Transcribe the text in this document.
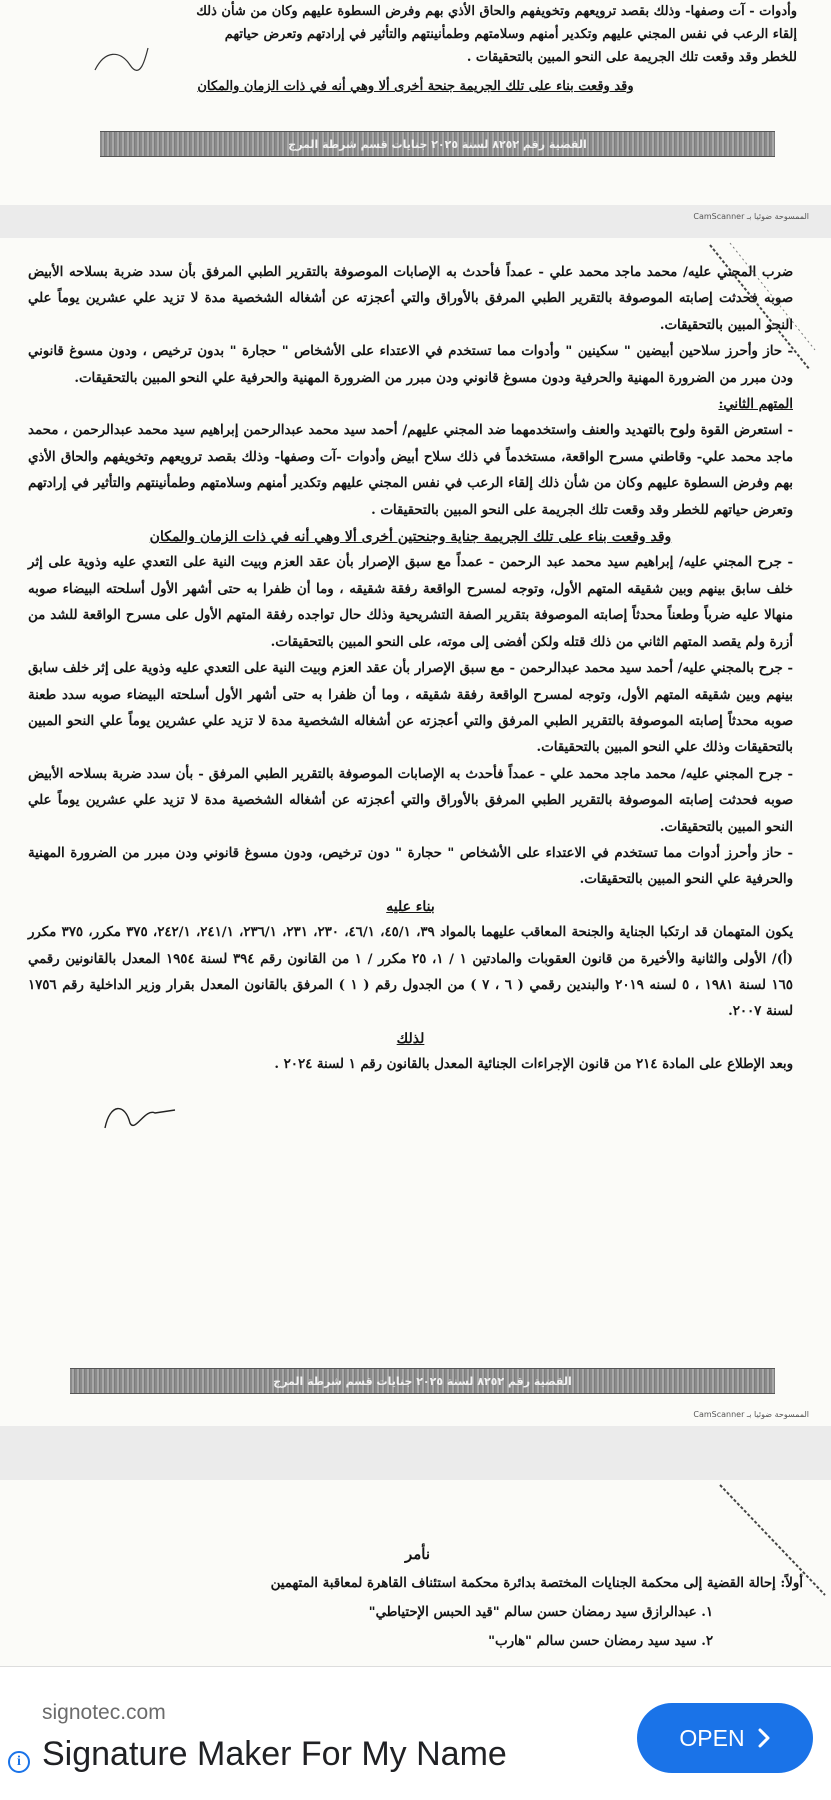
وأدوات - آت وصفها- وذلك بقصد ترويعهم وتخويفهم والحاق الأذي بهم وفرض السطوة عليهم وكان من شأن ذلك

إلقاء الرعب في نفس المجني عليهم وتكدير أمنهم وسلامتهم وطمأنينتهم والتأثير في إرادتهم وتعرض حياتهم

للخطر وقد وقعت تلك الجريمة على النحو المبين بالتحقيقات .

وقد وقعت بناء على تلك الجريمة جنحة أخرى ألا وهي أنه في ذات الزمان والمكان

القضية رقم ٨٢٥٢ لسنة ٢٠٢٥ جنايات قسم شرطة المرج
CamScanner الممسوحة ضوئيا بـ

ضرب المجني عليه/ محمد ماجد محمد علي - عمداً فأحدث به الإصابات الموصوفة بالتقرير الطبي المرفق بأن سدد ضربة بسلاحه الأبيض صوبه فحدثت إصابته الموصوفة بالتقرير الطبي المرفق بالأوراق والتي أعجزته عن أشغاله الشخصية مدة لا تزيد علي عشرين يوماً علي النحو المبين بالتحقيقات.

- حاز وأحرز سلاحين أبيضين " سكينين " وأدوات مما تستخدم في الاعتداء على الأشخاص " حجارة " بدون ترخيص ، ودون مسوغ قانوني ودن مبرر من الضرورة المهنية والحرفية ودون مسوغ قانوني ودن مبرر من الضرورة المهنية والحرفية علي النحو المبين بالتحقيقات.

المتهم الثاني:

- استعرض القوة ولوح بالتهديد والعنف واستخدمهما ضد المجني عليهم/ أحمد سيد محمد عبدالرحمن إبراهيم سيد محمد عبدالرحمن ، محمد ماجد محمد علي- وقاطني مسرح الواقعة، مستخدماً في ذلك سلاح أبيض وأدوات -آت وصفها- وذلك بقصد ترويعهم وتخويفهم والحاق الأذي بهم وفرض السطوة عليهم وكان من شأن ذلك إلقاء الرعب في نفس المجني عليهم وتكدير أمنهم وسلامتهم وطمأنينتهم والتأثير في إرادتهم وتعرض حياتهم للخطر وقد وقعت تلك الجريمة على النحو المبين بالتحقيقات .

وقد وقعت بناء على تلك الجريمة جناية وجنحتين أخرى ألا وهي أنه في ذات الزمان والمكان

- جرح المجني عليه/ إبراهيم سيد محمد عبد الرحمن - عمداً مع سبق الإصرار بأن عقد العزم وبيت النية على التعدي عليه وذوية على إثر خلف سابق بينهم وبين شقيقه المتهم الأول، وتوجه لمسرح الواقعة رفقة شقيقه ، وما أن ظفرا به حتى أشهر الأول أسلحته البيضاء صوبه منهالا عليه ضرباً وطعناً محدثاً إصابته الموصوفة بتقرير الصفة التشريحية وذلك حال تواجده رفقة المتهم الأول على مسرح الواقعة للشد من أزرة ولم يقصد المتهم الثاني من ذلك قتله ولكن أفضى إلى موته، على النحو المبين بالتحقيقات.

- جرح بالمجني عليه/ أحمد سيد محمد عبدالرحمن - مع سبق الإصرار بأن عقد العزم وبيت النية على التعدي عليه وذوية على إثر خلف سابق بينهم وبين شقيقه المتهم الأول، وتوجه لمسرح الواقعة رفقة شقيقه ، وما أن ظفرا به حتى أشهر الأول أسلحته البيضاء صوبه سدد طعنة صوبه محدثاً إصابته الموصوفة بالتقرير الطبي المرفق والتي أعجزته عن أشغاله الشخصية مدة لا تزيد علي عشرين يوماً علي النحو المبين بالتحقيقات وذلك علي النحو المبين بالتحقيقات.

- جرح المجني عليه/ محمد ماجد محمد علي - عمداً فأحدث به الإصابات الموصوفة بالتقرير الطبي المرفق - بأن سدد ضربة بسلاحه الأبيض صوبه فحدثت إصابته الموصوفة بالتقرير الطبي المرفق بالأوراق والتي أعجزته عن أشغاله الشخصية مدة لا تزيد علي عشرين يوماً علي النحو المبين بالتحقيقات.

- حاز وأحرز أدوات مما تستخدم في الاعتداء على الأشخاص " حجارة " دون ترخيص، ودون مسوغ قانوني ودن مبرر من الضرورة المهنية والحرفية علي النحو المبين بالتحقيقات.

بناء عليه

يكون المتهمان قد ارتكبا الجناية والجنحة المعاقب عليهما بالمواد ٣٩، ٤٥/١، ٤٦/١، ٢٣٠، ٢٣١، ٢٣٦/١، ٢٤١/١، ٢٤٢/١، ٣٧٥ مكرر، ٣٧٥ مكرر (أ)/ الأولى والثانية والأخيرة من قانون العقوبات والمادتين ١ / ١، ٢٥ مكرر / ١ من القانون رقم ٣٩٤ لسنة ١٩٥٤ المعدل بالقانونين رقمي ١٦٥ لسنة ١٩٨١ ، ٥ لسنه ٢٠١٩ والبندين رقمي ( ٦ ، ٧ ) من الجدول رقم ( ١ ) المرفق بالقانون المعدل بقرار وزير الداخلية رقم ١٧٥٦ لسنة ٢٠٠٧.

لذلك

وبعد الإطلاع على المادة ٢١٤ من قانون الإجراءات الجنائية المعدل بالقانون رقم ١ لسنة ٢٠٢٤ .

القضية رقم ٨٢٥٢ لسنة ٢٠٢٥ جنايات قسم شرطة المرج
CamScanner الممسوحة ضوئيا بـ

نأمر

أولاً: إحالة القضية إلى محكمة الجنايات المختصة بدائرة محكمة استئناف القاهرة لمعاقبة المتهمين

١. عبدالرازق سيد رمضان حسن سالم "قيد الحبس الإحتياطي"

٢. سيد سيد رمضان حسن سالم "هارب"

i
signotec.com
Signature Maker For My Name	OPEN
